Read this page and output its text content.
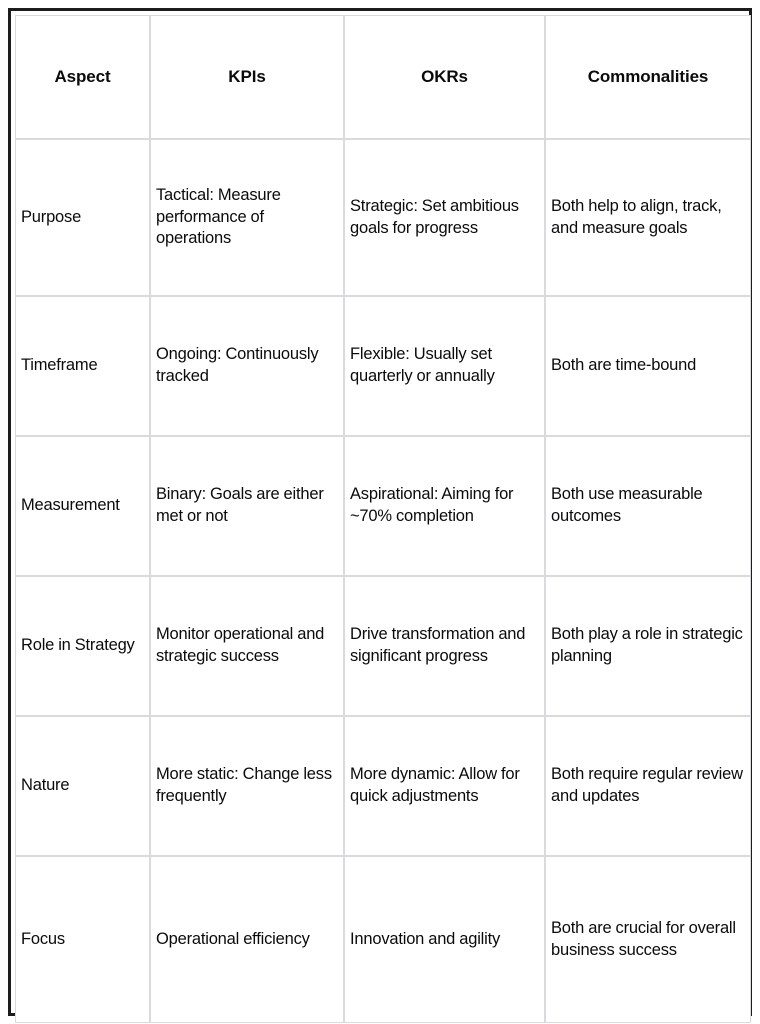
Aspect	KPIs	OKRs	Commonalities

Purpose	Tactical: Measure performance of operations	Strategic: Set ambitious goals for progress	Both help to align, track, and measure goals

Timeframe	Ongoing: Continuously tracked	Flexible: Usually set quarterly or annually	Both are time-bound

Measurement	Binary: Goals are either met or not	Aspirational: Aiming for ~70% completion	Both use measurable outcomes

Role in Strategy	Monitor operational and strategic success	Drive transformation and significant progress	Both play a role in strategic planning

Nature	More static: Change less frequently	More dynamic: Allow for quick adjustments	Both require regular review and updates

Focus	Operational efficiency	Innovation and agility	Both are crucial for overall business success
